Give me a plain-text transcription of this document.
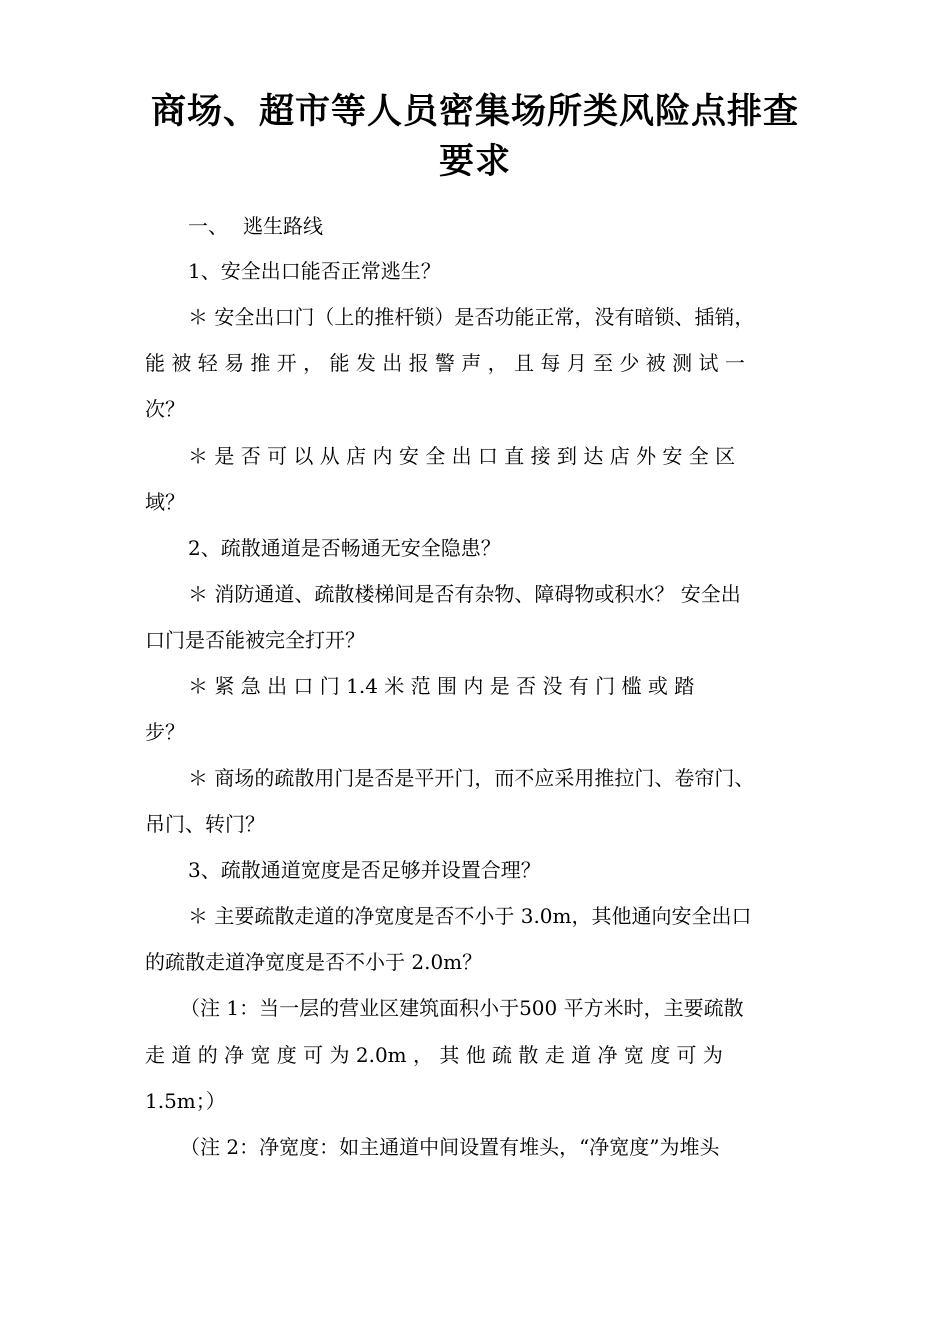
商场、超市等人员密集场所类风险点排查
要求
一、 逃生路线
1、安全出口能否正常逃生？
＊ 安全出口门（上的推杆锁）是否功能正常，没有暗锁、插销，
能 被 轻 易 推 开 ， 能 发 出 报 警 声 ， 且 每 月 至 少 被 测 试 一
次？
＊ 是 否 可 以 从 店 内 安 全 出 口 直 接 到 达 店 外 安 全 区
域？
2、疏散通道是否畅通无安全隐患？
＊ 消防通道、疏散楼梯间是否有杂物、障碍物或积水？ 安全出
口门是否能被完全打开？
＊ 紧 急 出 口 门 1.4 米 范 围 内 是 否 没 有 门 槛 或 踏
步？
＊ 商场的疏散用门是否是平开门，而不应采用推拉门、卷帘门、
吊门、转门？
3、疏散通道宽度是否足够并设置合理？
＊ 主要疏散走道的净宽度是否不小于 3.0m，其他通向安全出口
的疏散走道净宽度是否不小于 2.0m？
（注 1：当一层的营业区建筑面积小于500 平方米时，主要疏散
走 道 的 净 宽 度 可 为 2.0m ， 其 他 疏 散 走 道 净 宽 度 可 为
1.5m；）
（注 2：净宽度：如主通道中间设置有堆头，“净宽度”为堆头
